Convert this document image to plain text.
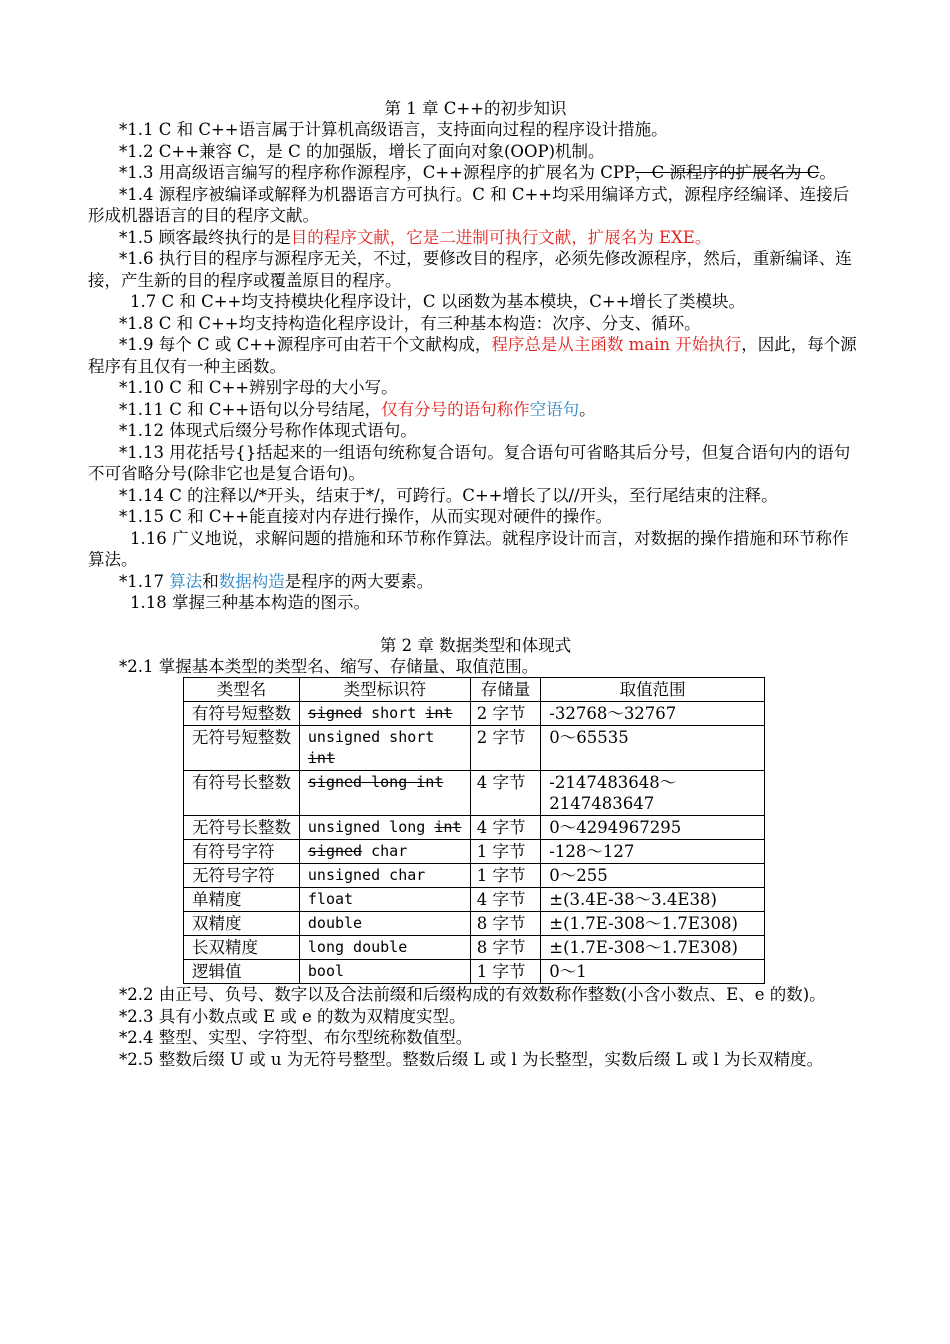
第 1 章 C++的初步知识

*1.1 C 和 C++语言属于计算机高级语言，支持面向过程的程序设计措施。

*1.2 C++兼容 C，是 C 的加强版，增长了面向对象(OOP)机制。

*1.3 用高级语言编写的程序称作源程序，C++源程序的扩展名为 CPP，C 源程序的扩展名为 C。

*1.4 源程序被编译或解释为机器语言方可执行。C 和 C++均采用编译方式，源程序经编译、连接后形成机器语言的目的程序文献。

*1.5 顾客最终执行的是目的程序文献，它是二进制可执行文献，扩展名为 EXE。

*1.6 执行目的程序与源程序无关，不过，要修改目的程序，必须先修改源程序，然后，重新编译、连接，产生新的目的程序或覆盖原目的程序。

1.7 C 和 C++均支持模块化程序设计，C 以函数为基本模块，C++增长了类模块。

*1.8 C 和 C++均支持构造化程序设计，有三种基本构造：次序、分支、循环。

*1.9 每个 C 或 C++源程序可由若干个文献构成，程序总是从主函数 main 开始执行，因此，每个源程序有且仅有一种主函数。

*1.10 C 和 C++辨别字母的大小写。

*1.11 C 和 C++语句以分号结尾，仅有分号的语句称作空语句。

*1.12 体现式后缀分号称作体现式语句。

*1.13 用花括号{}括起来的一组语句统称复合语句。复合语句可省略其后分号，但复合语句内的语句不可省略分号(除非它也是复合语句)。

*1.14 C 的注释以/*开头，结束于*/，可跨行。C++增长了以//开头，至行尾结束的注释。

*1.15 C 和 C++能直接对内存进行操作，从而实现对硬件的操作。

1.16 广义地说，求解问题的措施和环节称作算法。就程序设计而言，对数据的操作措施和环节称作算法。

*1.17 算法和数据构造是程序的两大要素。

1.18 掌握三种基本构造的图示。

第 2 章 数据类型和体现式

*2.1 掌握基本类型的类型名、缩写、存储量、取值范围。

类型名	类型标识符	存储量	取值范围
有符号短整数	signed short int	2 字节	-32768～32767
无符号短整数	unsigned short int	2 字节	0～65535
有符号长整数	signed long int	4 字节	-2147483648～2147483647
无符号长整数	unsigned long int	4 字节	0～4294967295
有符号字符	signed char	1 字节	-128～127
无符号字符	unsigned char	1 字节	0～255
单精度	float	4 字节	±(3.4E-38～3.4E38)
双精度	double	8 字节	±(1.7E-308～1.7E308)
长双精度	long double	8 字节	±(1.7E-308～1.7E308)
逻辑值	bool	1 字节	0～1

*2.2 由正号、负号、数字以及合法前缀和后缀构成的有效数称作整数(小含小数点、E、e 的数)。

*2.3 具有小数点或 E 或 e 的数为双精度实型。

*2.4 整型、实型、字符型、布尔型统称数值型。

*2.5 整数后缀 U 或 u 为无符号整型。整数后缀 L 或 l 为长整型，实数后缀 L 或 l 为长双精度。
